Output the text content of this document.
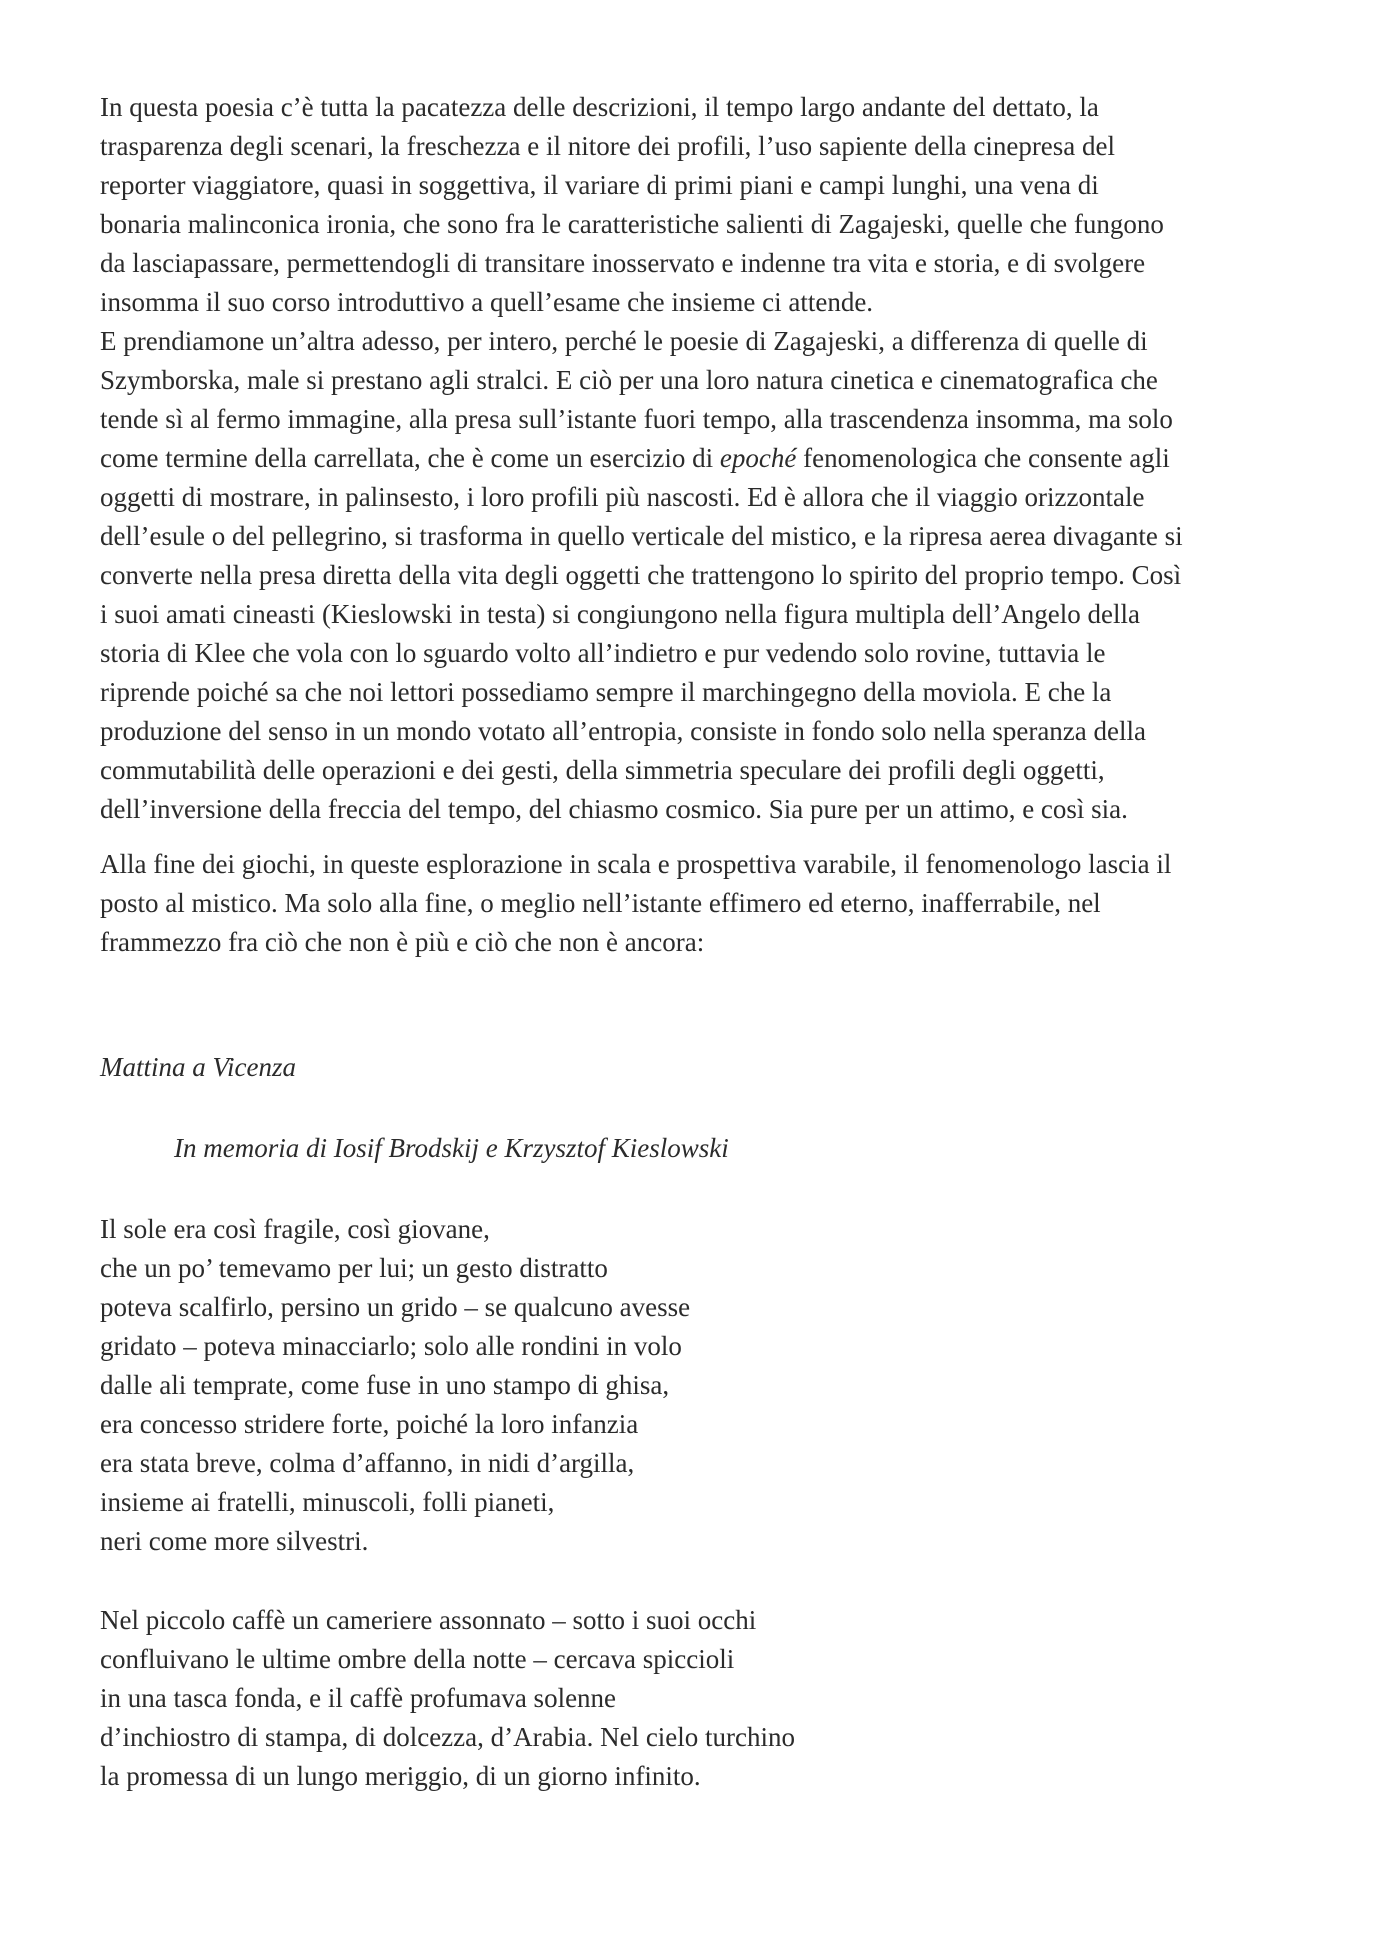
In questa poesia c’è tutta la pacatezza delle descrizioni, il tempo largo andante del dettato, la
trasparenza degli scenari, la freschezza e il nitore dei profili, l’uso sapiente della cinepresa del
reporter viaggiatore, quasi in soggettiva, il variare di primi piani e campi lunghi, una vena di
bonaria malinconica ironia, che sono fra le caratteristiche salienti di Zagajeski, quelle che fungono
da lasciapassare, permettendogli di transitare inosservato e indenne tra vita e storia, e di svolgere
insomma il suo corso introduttivo a quell’esame che insieme ci attende.
E prendiamone un’altra adesso, per intero, perché le poesie di Zagajeski, a differenza di quelle di
Szymborska, male si prestano agli stralci. E ciò per una loro natura cinetica e cinematografica che
tende sì al fermo immagine, alla presa sull’istante fuori tempo, alla trascendenza insomma, ma solo
come termine della carrellata, che è come un esercizio di epoché fenomenologica che consente agli
oggetti di mostrare, in palinsesto, i loro profili più nascosti. Ed è allora che il viaggio orizzontale
dell’esule o del pellegrino, si trasforma in quello verticale del mistico, e la ripresa aerea divagante si
converte nella presa diretta della vita degli oggetti che trattengono lo spirito del proprio tempo. Così
i suoi amati cineasti (Kieslowski in testa) si congiungono nella figura multipla dell’Angelo della
storia di Klee che vola con lo sguardo volto all’indietro e pur vedendo solo rovine, tuttavia le
riprende poiché sa che noi lettori possediamo sempre il marchingegno della moviola. E che la
produzione del senso in un mondo votato all’entropia, consiste in fondo solo nella speranza della
commutabilità delle operazioni e dei gesti, della simmetria speculare dei profili degli oggetti,
dell’inversione della freccia del tempo, del chiasmo cosmico. Sia pure per un attimo, e così sia.
Alla fine dei giochi, in queste esplorazione in scala e prospettiva varabile, il fenomenologo lascia il
posto al mistico. Ma solo alla fine, o meglio nell’istante effimero ed eterno, inafferrabile, nel
frammezzo fra ciò che non è più e ciò che non è ancora:
Mattina a Vicenza
In memoria di Iosif Brodskij e Krzysztof Kieslowski
Il sole era così fragile, così giovane,
che un po’ temevamo per lui; un gesto distratto
poteva scalfirlo, persino un grido – se qualcuno avesse
gridato – poteva minacciarlo; solo alle rondini in volo
dalle ali temprate, come fuse in uno stampo di ghisa,
era concesso stridere forte, poiché la loro infanzia
era stata breve, colma d’affanno, in nidi d’argilla,
insieme ai fratelli, minuscoli, folli pianeti,
neri come more silvestri.
Nel piccolo caffè un cameriere assonnato – sotto i suoi occhi
confluivano le ultime ombre della notte – cercava spiccioli
in una tasca fonda, e il caffè profumava solenne
d’inchiostro di stampa, di dolcezza, d’Arabia. Nel cielo turchino
la promessa di un lungo meriggio, di un giorno infinito.
